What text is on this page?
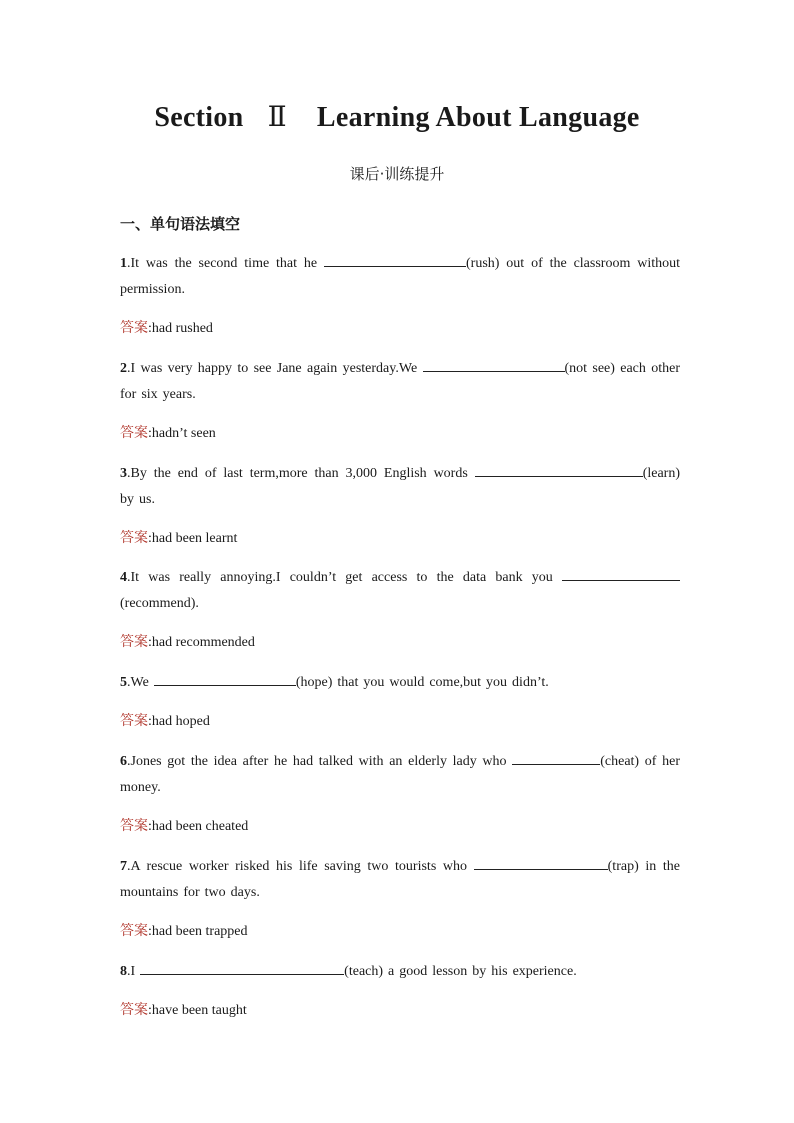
Section Ⅱ Learning About Language
课后·训练提升
一、单句语法填空
1.It was the second time that he	(rush) out of the classroom without permission.
答案:had rushed
2.I was very happy to see Jane again yesterday.We	(not see) each other for six years.
答案:hadn’t seen
3.By the end of last term,more than 3,000 English words	(learn) by us.
答案:had been learnt
4.It was really annoying.I couldn’t get access to the data bank you (recommend).
答案:had recommended
5.We	(hope) that you would come,but you didn’t.
答案:had hoped
6.Jones got the idea after he had talked with an elderly lady who	(cheat) of her money.
答案:had been cheated
7.A rescue worker risked his life saving two tourists who	(trap) in the mountains for two days.
答案:had been trapped
8.I	(teach) a good lesson by his experience.
答案:have been taught
